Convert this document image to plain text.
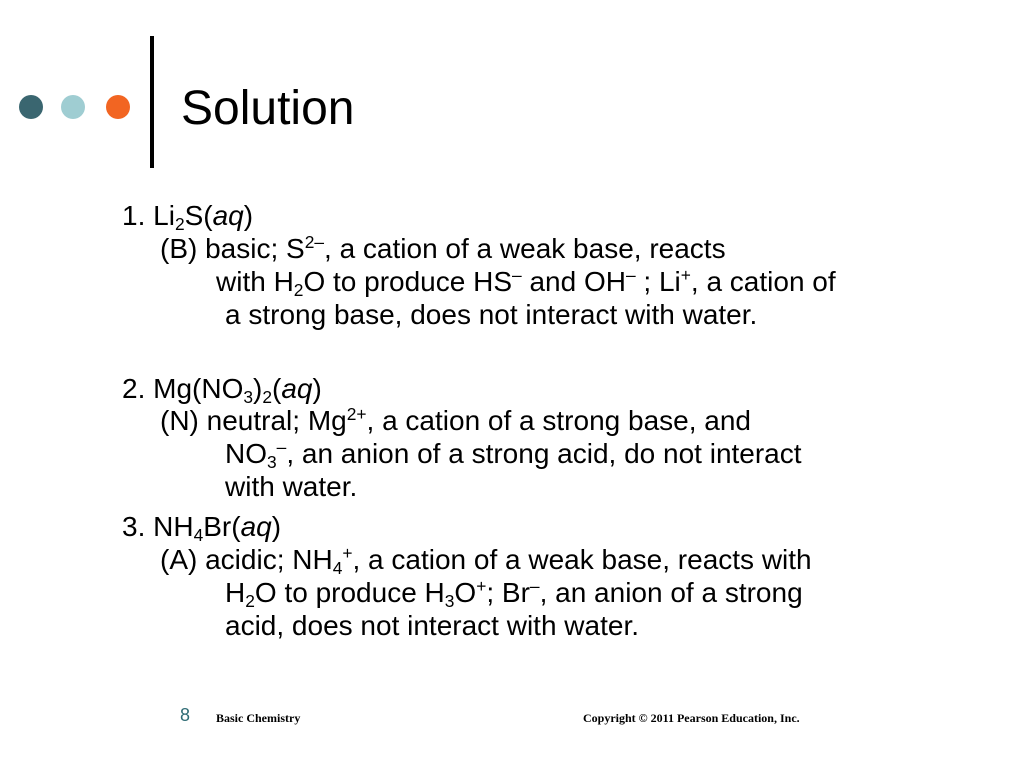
Solution
1. $Li_2S(aq)$
(B) basic; $S^{2-}$, a cation of a weak base, reacts
with $H_2O$ to produce HS– and OH– ; Li+, a cation of
a strong base, does not interact with water.
2. $Mg(NO_3)_2(aq)$
(N) neutral; $Mg^{2+}$, a cation of a strong base, and
$NO_3^-$, an anion of a strong acid, do not interact
with water.
3. $NH_4Br(aq)$
(A) acidic; $NH_4^+$, a cation of a weak base, reacts with
$H_2O$ to produce $H_3O^+$; Br–, an anion of a strong
acid, does not interact with water.
8 Basic Chemistry	Copyright © 2011 Pearson Education, Inc.
